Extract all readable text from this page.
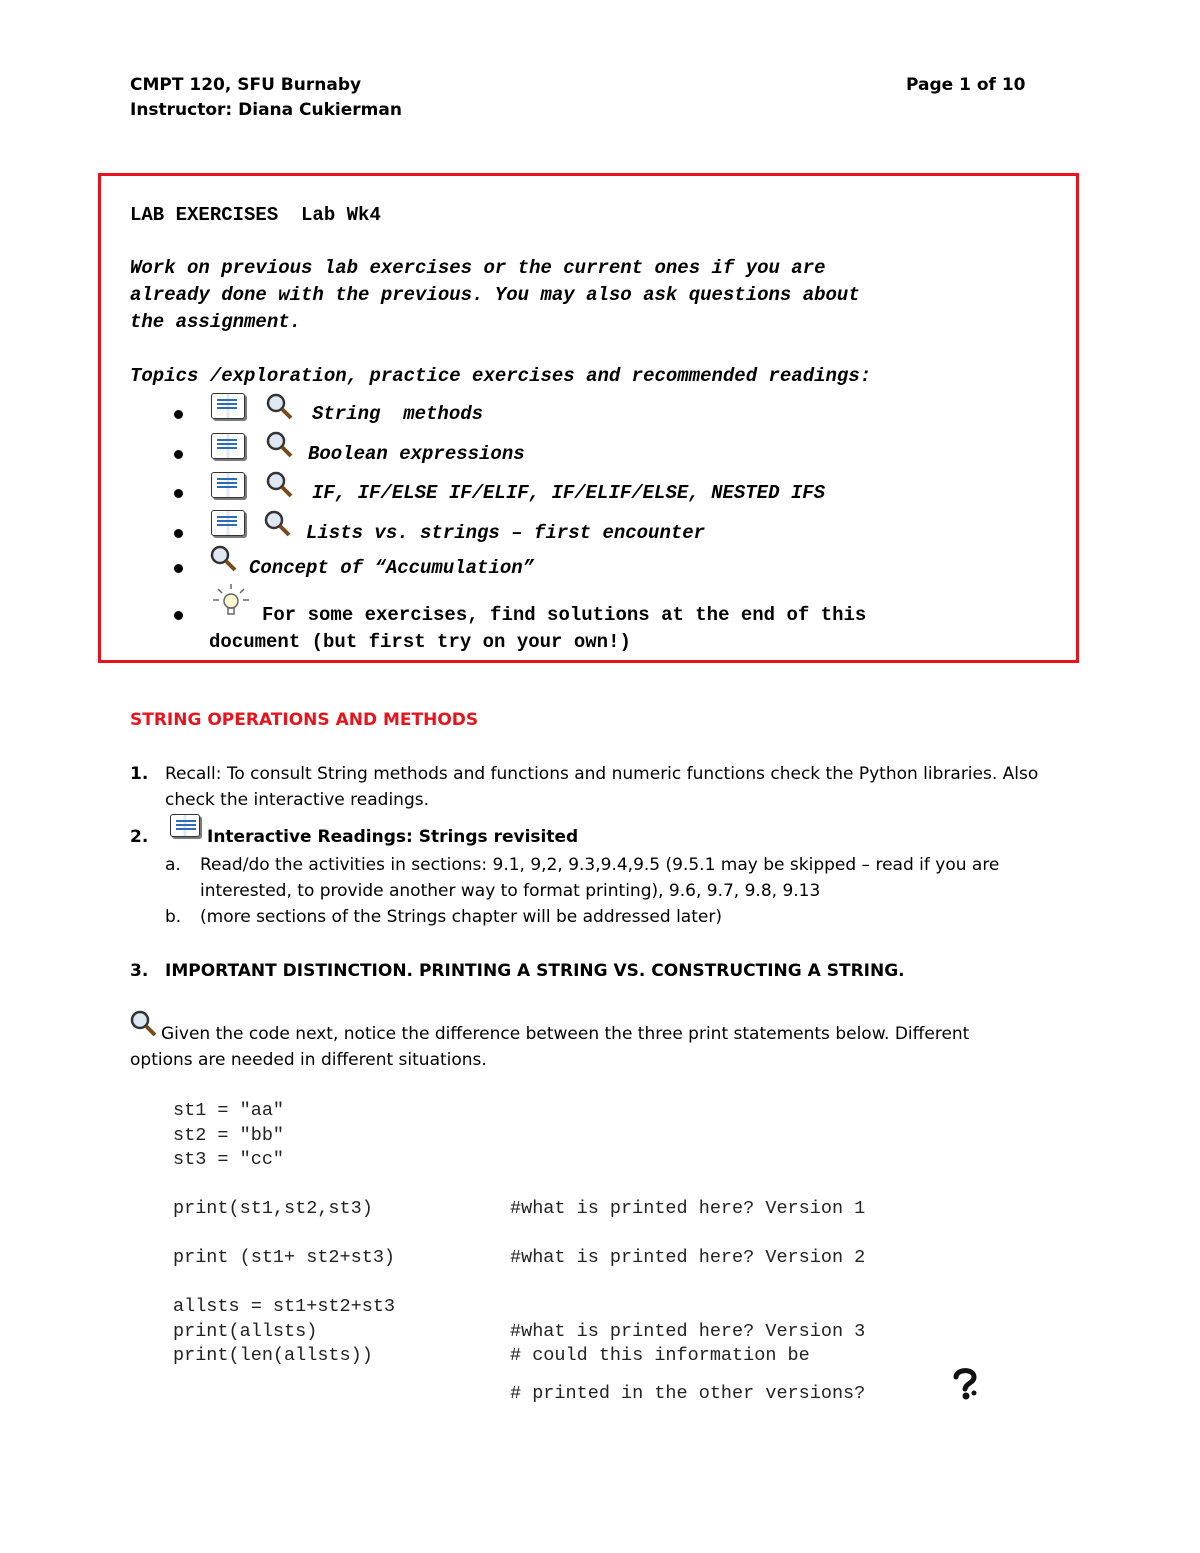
CMPT 120, SFU Burnaby
Instructor: Diana Cukierman
Page 1 of 10
LAB EXERCISES  Lab Wk4
Work on previous lab exercises or the current ones if you are
already done with the previous. You may also ask questions about
the assignment.
Topics /exploration, practice exercises and recommended readings:
String  methods
Boolean expressions
IF, IF/ELSE IF/ELIF, IF/ELIF/ELSE, NESTED IFS
Lists vs. strings – first encounter
Concept of “Accumulation”
For some exercises, find solutions at the end of this
document (but first try on your own!)
STRING OPERATIONS AND METHODS
1. Recall: To consult String methods and functions and numeric functions check the Python libraries. Also
check the interactive readings.
2.	Interactive Readings: Strings revisited
a. Read/do the activities in sections: 9.1, 9,2, 9.3,9.4,9.5 (9.5.1 may be skipped – read if you are
interested, to provide another way to format printing), 9.6, 9.7, 9.8, 9.13
b. (more sections of the Strings chapter will be addressed later)
3. IMPORTANT DISTINCTION. PRINTING A STRING VS. CONSTRUCTING A STRING.
Given the code next, notice the difference between the three print statements below. Different
options are needed in different situations.
st1 = "aa"
st2 = "bb"
st3 = "cc"
print(st1,st2,st3)	#what is printed here? Version 1
print (st1+ st2+st3)	#what is printed here? Version 2
allsts = st1+st2+st3
print(allsts)	#what is printed here? Version 3
print(len(allsts))	# could this information be
# printed in the other versions?
